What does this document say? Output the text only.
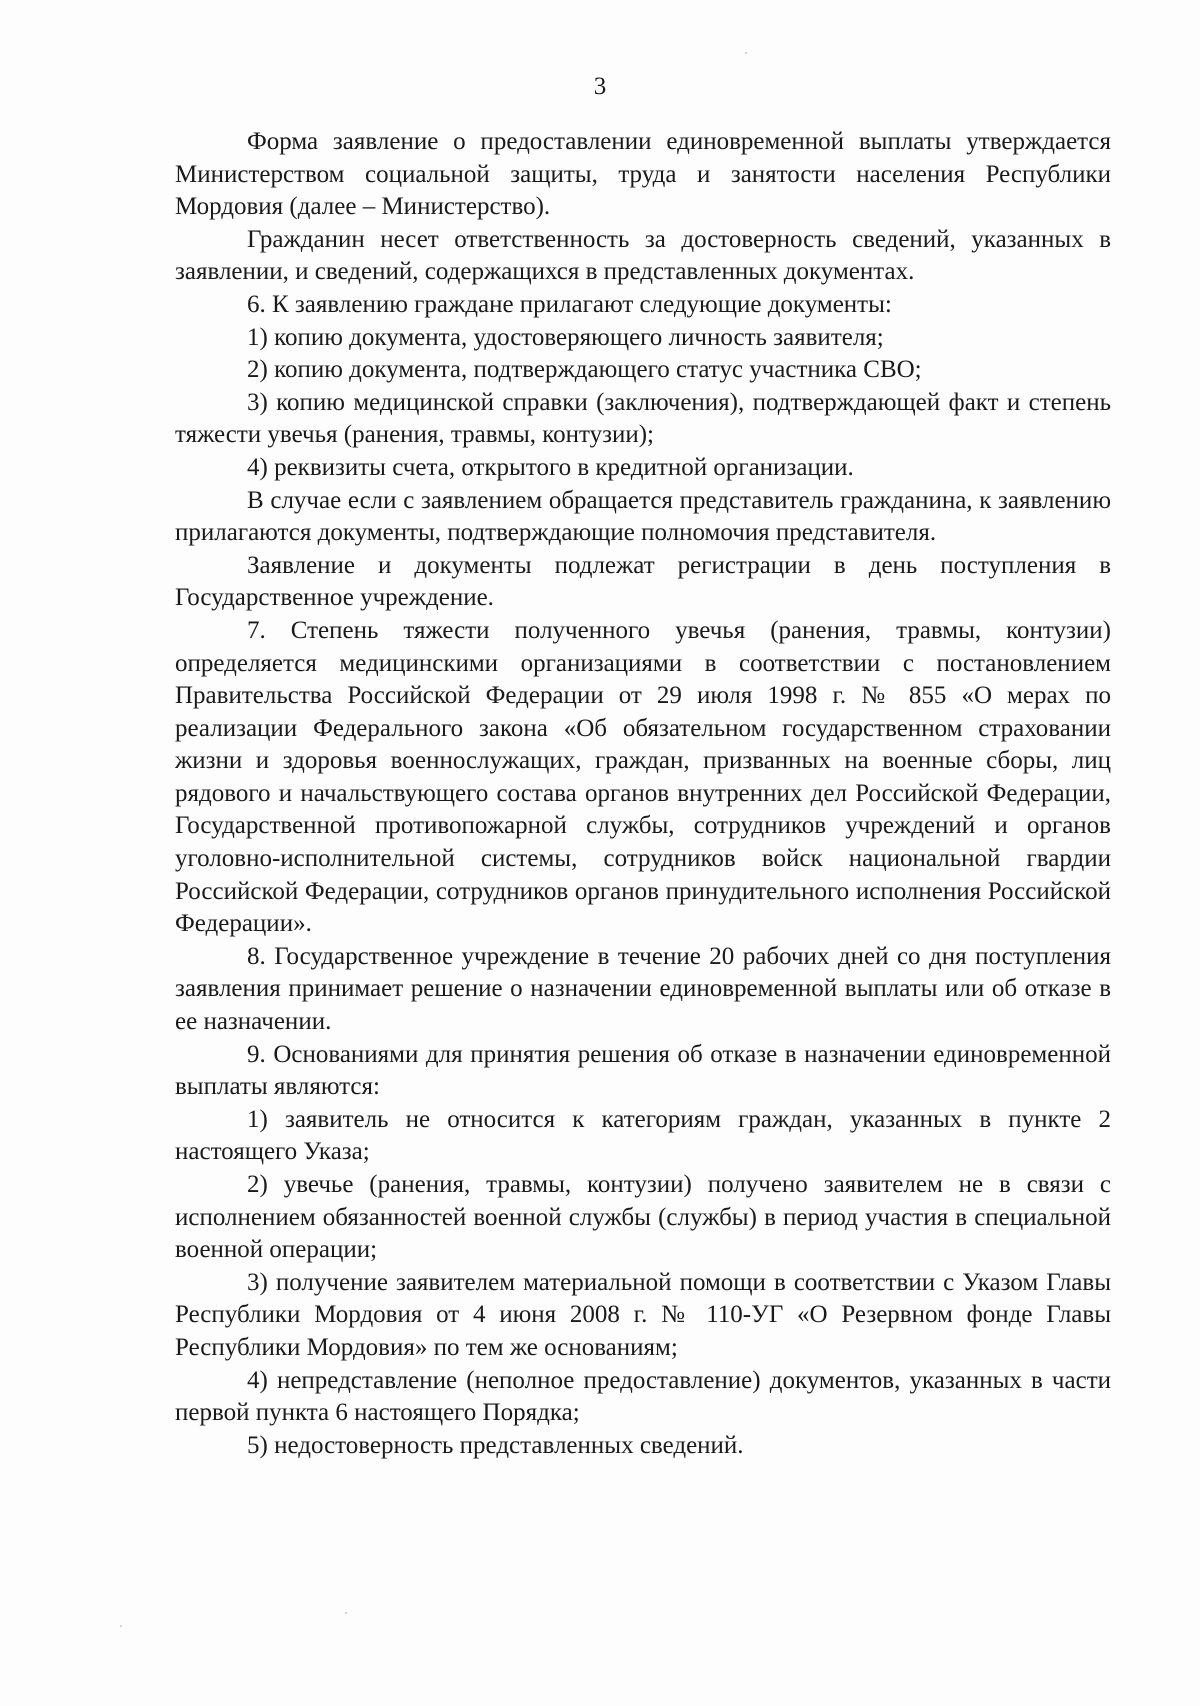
3

Форма заявление о предоставлении единовременной выплаты утверждается Министерством социальной защиты, труда и занятости населения Республики Мордовия (далее – Министерство).

Гражданин несет ответственность за достоверность сведений, указанных в заявлении, и сведений, содержащихся в представленных документах.

6. К заявлению граждане прилагают следующие документы:

1) копию документа, удостоверяющего личность заявителя;

2) копию документа, подтверждающего статус участника СВО;

3) копию медицинской справки (заключения), подтверждающей факт и степень тяжести увечья (ранения, травмы, контузии);

4) реквизиты счета, открытого в кредитной организации.

В случае если с заявлением обращается представитель гражданина, к заявлению прилагаются документы, подтверждающие полномочия представителя.

Заявление и документы подлежат регистрации в день поступления в Государственное учреждение.

7. Степень тяжести полученного увечья (ранения, травмы, контузии) определяется медицинскими организациями в соответствии с постановлением Правительства Российской Федерации от 29 июля 1998 г. № 855 «О мерах по реализации Федерального закона «Об обязательном государственном страховании жизни и здоровья военнослужащих, граждан, призванных на военные сборы, лиц рядового и начальствующего состава органов внутренних дел Российской Федерации, Государственной противопожарной службы, сотрудников учреждений и органов уголовно-исполнительной системы, сотрудников войск национальной гвардии Российской Федерации, сотрудников органов принудительного исполнения Российской Федерации».

8. Государственное учреждение в течение 20 рабочих дней со дня поступления заявления принимает решение о назначении единовременной выплаты или об отказе в ее назначении.

9. Основаниями для принятия решения об отказе в назначении единовременной выплаты являются:

1) заявитель не относится к категориям граждан, указанных в пункте 2 настоящего Указа;

2) увечье (ранения, травмы, контузии) получено заявителем не в связи с исполнением обязанностей военной службы (службы) в период участия в специальной военной операции;

3) получение заявителем материальной помощи в соответствии с Указом Главы Республики Мордовия от 4 июня 2008 г. № 110-УГ «О Резервном фонде Главы Республики Мордовия» по тем же основаниям;

4) непредставление (неполное предоставление) документов, указанных в части первой пункта 6 настоящего Порядка;

5) недостоверность представленных сведений.
